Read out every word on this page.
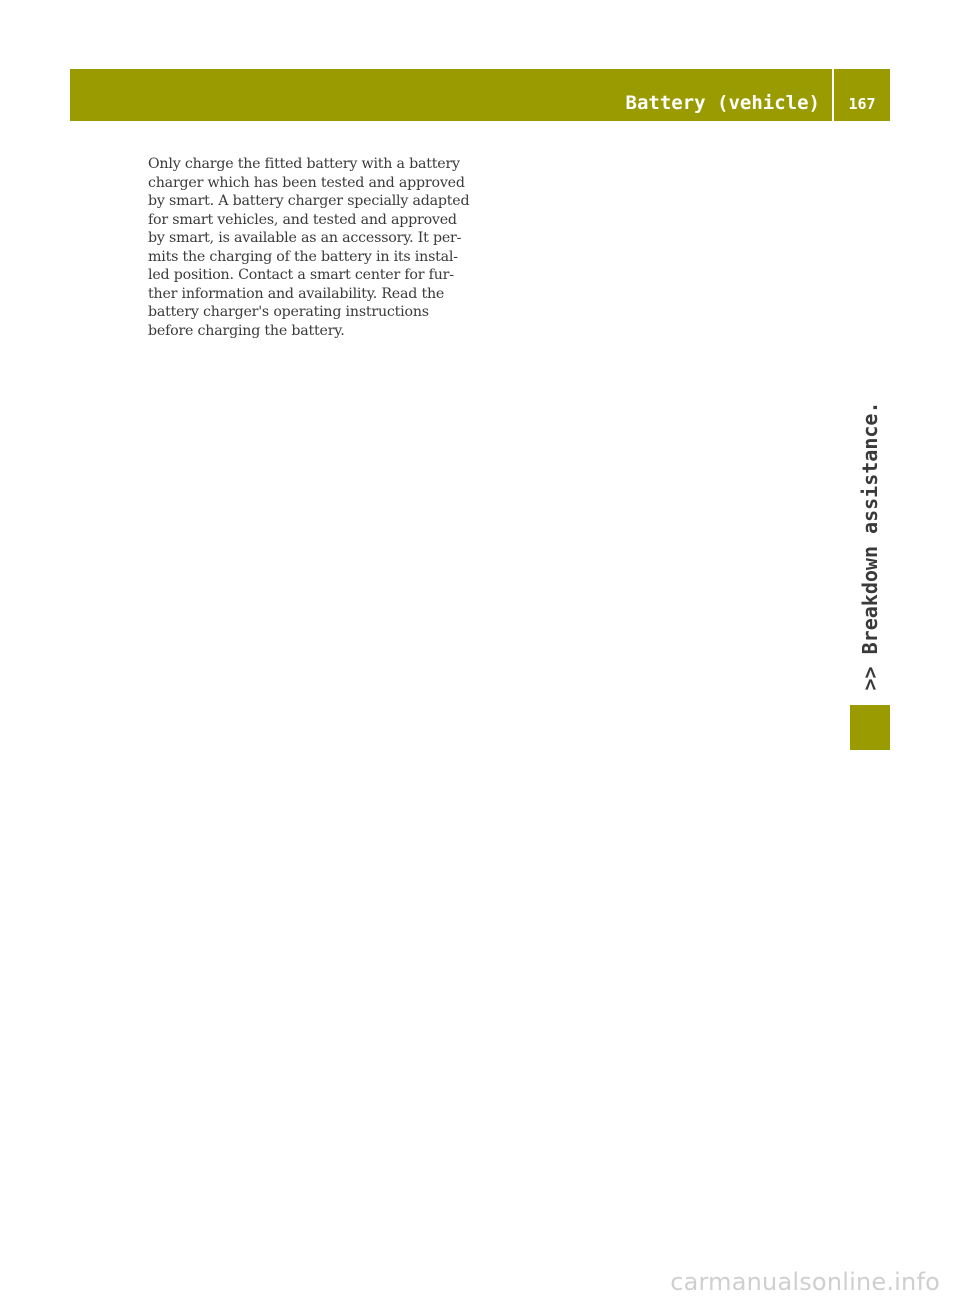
Battery (vehicle)	167

Only charge the fitted battery with a battery
charger which has been tested and approved
by smart. A battery charger specially adapted
for smart vehicles, and tested and approved
by smart, is available as an accessory. It per-
mits the charging of the battery in its instal-
led position. Contact a smart center for fur-
ther information and availability. Read the
battery charger's operating instructions
before charging the battery.

>> Breakdown assistance.
carmanualsonline.info
